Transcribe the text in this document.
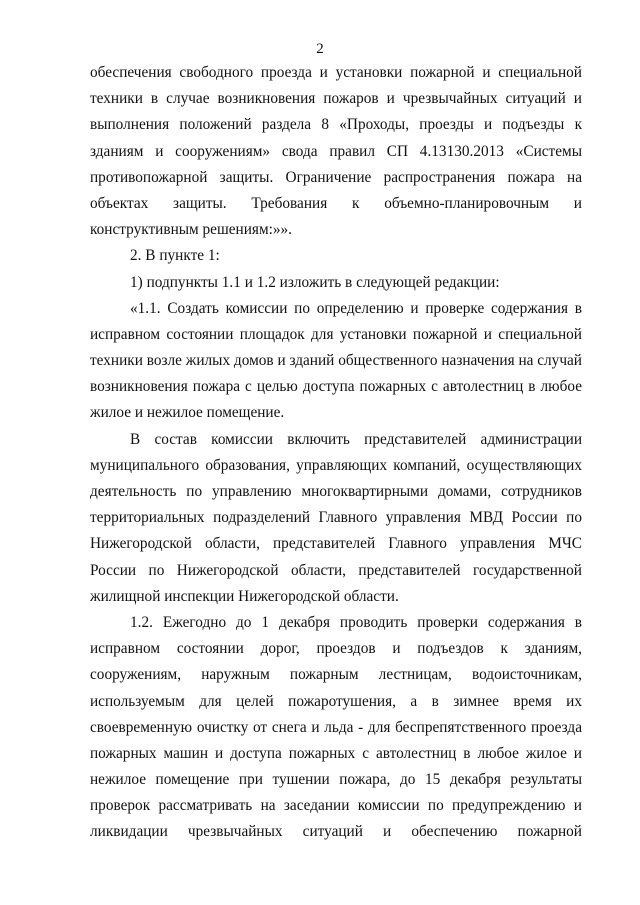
2
обеспечения свободного проезда и установки пожарной и специальной
техники в случае возникновения пожаров и чрезвычайных ситуаций и
выполнения положений раздела 8 «Проходы, проезды и подъезды к
зданиям и сооружениям» свода правил СП 4.13130.2013 «Системы
противопожарной защиты. Ограничение распространения пожара на
объектах защиты. Требования к объемно-планировочным и
конструктивным решениям:»».
2. В пункте 1:
1) подпункты 1.1 и 1.2 изложить в следующей редакции:
«1.1. Создать комиссии по определению и проверке содержания в
исправном состоянии площадок для установки пожарной и специальной
техники возле жилых домов и зданий общественного назначения на случай
возникновения пожара с целью доступа пожарных с автолестниц в любое
жилое и нежилое помещение.
В состав комиссии включить представителей администрации
муниципального образования, управляющих компаний, осуществляющих
деятельность по управлению многоквартирными домами, сотрудников
территориальных подразделений Главного управления МВД России по
Нижегородской области, представителей Главного управления МЧС
России по Нижегородской области, представителей государственной
жилищной инспекции Нижегородской области.
1.2. Ежегодно до 1 декабря проводить проверки содержания в
исправном состоянии дорог, проездов и подъездов к зданиям,
сооружениям, наружным пожарным лестницам, водоисточникам,
используемым для целей пожаротушения, а в зимнее время их
своевременную очистку от снега и льда - для беспрепятственного проезда
пожарных машин и доступа пожарных с автолестниц в любое жилое и
нежилое помещение при тушении пожара, до 15 декабря результаты
проверок рассматривать на заседании комиссии по предупреждению и
ликвидации чрезвычайных ситуаций и обеспечению пожарной
